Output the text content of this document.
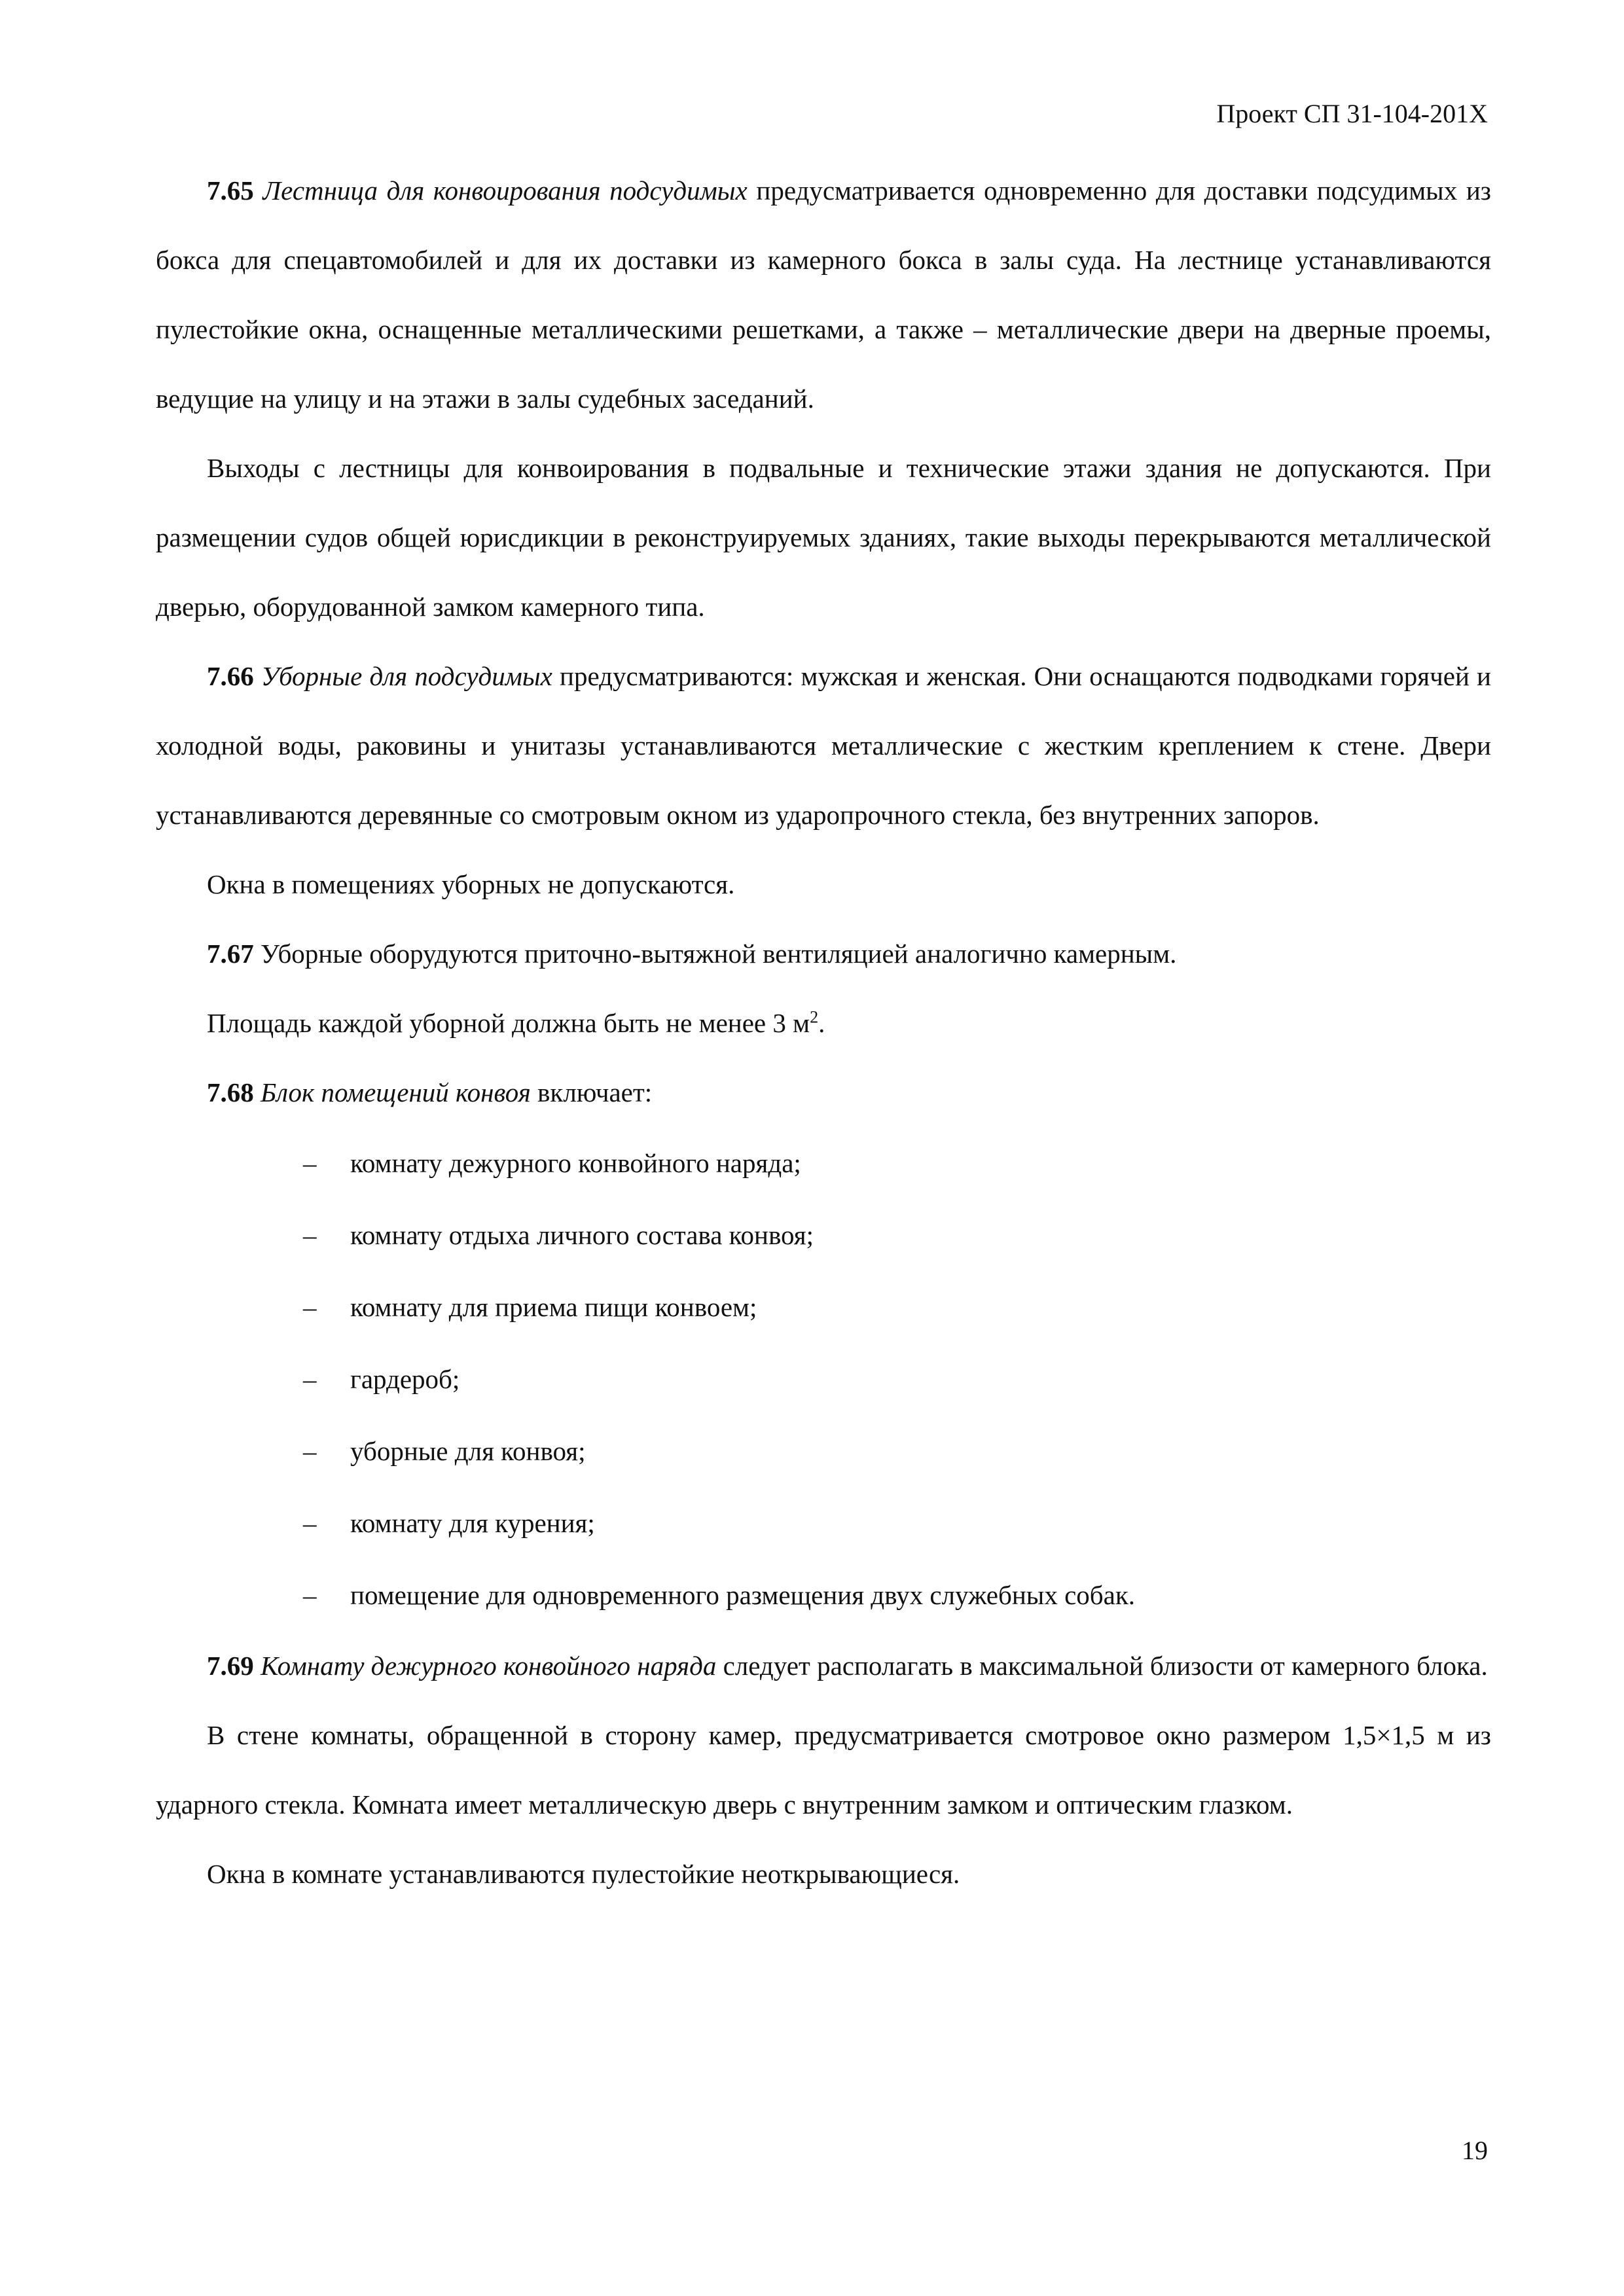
Проект СП 31-104-201X

7.65 Лестница для конвоирования подсудимых предусматривается одновременно для доставки подсудимых из бокса для спецавтомобилей и для их доставки из камерного бокса в залы суда. На лестнице устанавливаются пулестойкие окна, оснащенные металлическими решетками, а также – металлические двери на дверные проемы, ведущие на улицу и на этажи в залы судебных заседаний.

Выходы с лестницы для конвоирования в подвальные и технические этажи здания не допускаются. При размещении судов общей юрисдикции в реконструируемых зданиях, такие выходы перекрываются металлической дверью, оборудованной замком камерного типа.

7.66 Уборные для подсудимых предусматриваются: мужская и женская. Они оснащаются подводками горячей и холодной воды, раковины и унитазы устанавливаются металлические с жестким креплением к стене. Двери устанавливаются деревянные со смотровым окном из ударопрочного стекла, без внутренних запоров.

Окна в помещениях уборных не допускаются.

7.67 Уборные оборудуются приточно-вытяжной вентиляцией аналогично камерным.

Площадь каждой уборной должна быть не менее 3 $м^2$.

7.68 Блок помещений конвоя включает:

– комнату дежурного конвойного наряда;
– комнату отдыха личного состава конвоя;
– комнату для приема пищи конвоем;
– гардероб;
– уборные для конвоя;
– комнату для курения;
– помещение для одновременного размещения двух служебных собак.

7.69 Комнату дежурного конвойного наряда следует располагать в максимальной близости от камерного блока.

В стене комнаты, обращенной в сторону камер, предусматривается смотровое окно размером 1,5×1,5 м из ударного стекла. Комната имеет металлическую дверь с внутренним замком и оптическим глазком.

Окна в комнате устанавливаются пулестойкие неоткрывающиеся.

19
